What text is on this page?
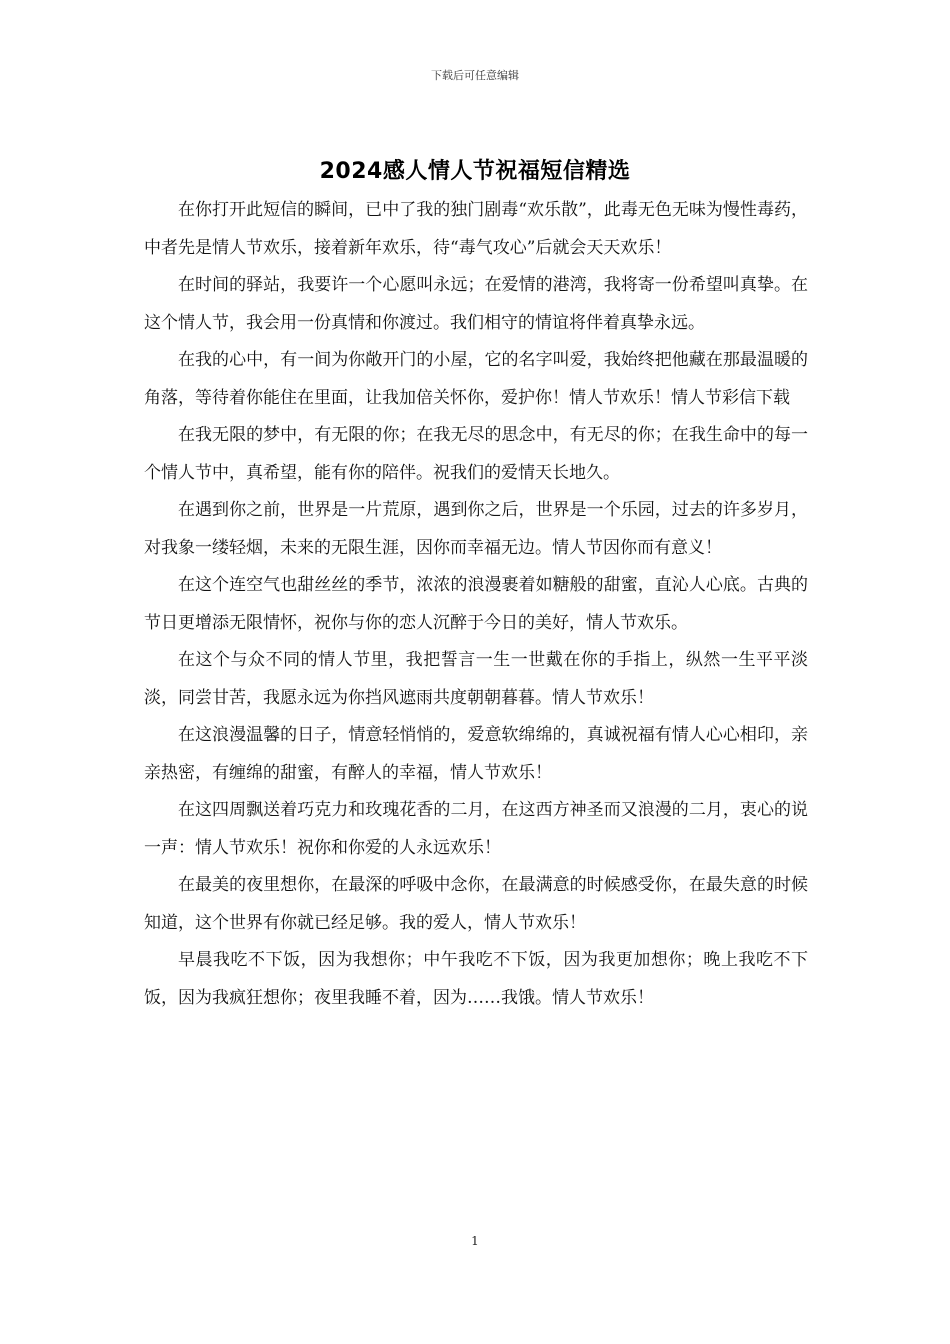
下载后可任意编辑
2024感人情人节祝福短信精选

在你打开此短信的瞬间，已中了我的独门剧毒“欢乐散”，此毒无色无味为慢性毒药，中者先是情人节欢乐，接着新年欢乐，待“毒气攻心”后就会天天欢乐！

在时间的驿站，我要许一个心愿叫永远；在爱情的港湾，我将寄一份希望叫真挚。在这个情人节，我会用一份真情和你渡过。我们相守的情谊将伴着真挚永远。

在我的心中，有一间为你敞开门的小屋，它的名字叫爱，我始终把他藏在那最温暖的角落，等待着你能住在里面，让我加倍关怀你，爱护你！情人节欢乐！情人节彩信下载

在我无限的梦中，有无限的你；在我无尽的思念中，有无尽的你；在我生命中的每一个情人节中，真希望，能有你的陪伴。祝我们的爱情天长地久。

在遇到你之前，世界是一片荒原，遇到你之后，世界是一个乐园，过去的许多岁月，对我象一缕轻烟，未来的无限生涯，因你而幸福无边。情人节因你而有意义！

在这个连空气也甜丝丝的季节，浓浓的浪漫裹着如糖般的甜蜜，直沁人心底。古典的节日更增添无限情怀，祝你与你的恋人沉醉于今日的美好，情人节欢乐。

在这个与众不同的情人节里，我把誓言一生一世戴在你的手指上，纵然一生平平淡淡，同尝甘苦，我愿永远为你挡风遮雨共度朝朝暮暮。情人节欢乐！

在这浪漫温馨的日子，情意轻悄悄的，爱意软绵绵的，真诚祝福有情人心心相印，亲亲热密，有缠绵的甜蜜，有醉人的幸福，情人节欢乐！

在这四周飘送着巧克力和玫瑰花香的二月，在这西方神圣而又浪漫的二月，衷心的说一声：情人节欢乐！祝你和你爱的人永远欢乐！

在最美的夜里想你，在最深的呼吸中念你，在最满意的时候感受你，在最失意的时候知道，这个世界有你就已经足够。我的爱人，情人节欢乐！

早晨我吃不下饭，因为我想你；中午我吃不下饭，因为我更加想你；晚上我吃不下饭，因为我疯狂想你；夜里我睡不着，因为……我饿。情人节欢乐！

1
